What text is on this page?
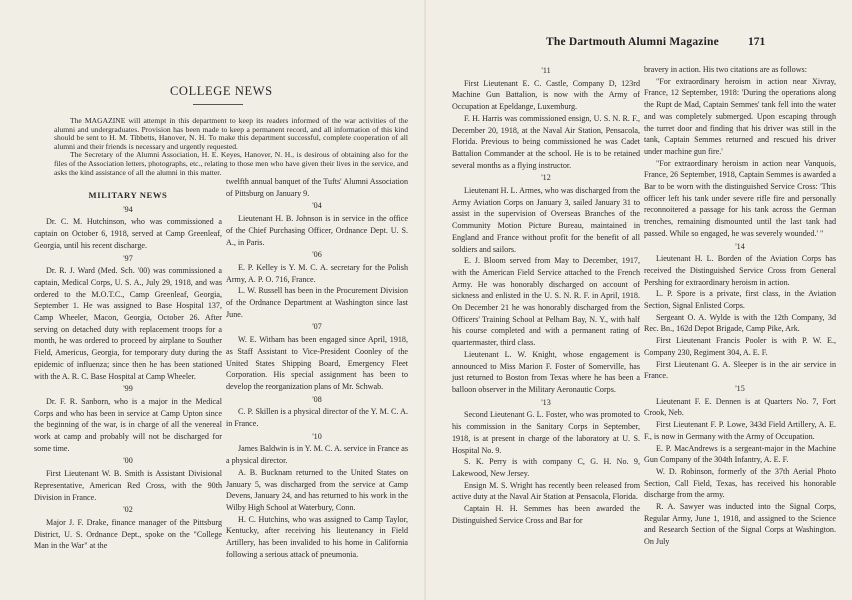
COLLEGE NEWS

The MAGAZINE will attempt in this department to keep its readers informed of the war activities of the alumni and undergraduates. Provision has been made to keep a permanent record, and all information of this kind should be sent to H. M. Tibbetts, Hanover, N. H. To make this department successful, complete cooperation of all alumni and their friends is necessary and urgently requested.

The Secretary of the Alumni Association, H. E. Keyes, Hanover, N. H., is desirous of obtaining also for the files of the Association letters, photographs, etc., relating to those men who have given their lives in the service, and asks the kind assistance of all the alumni in this matter.

MILITARY NEWS
'94

Dr. C. M. Hutchinson, who was commissioned a captain on October 6, 1918, served at Camp Greenleaf, Georgia, until his recent discharge.

'97

Dr. R. J. Ward (Med. Sch. '00) was commissioned a captain, Medical Corps, U. S. A., July 29, 1918, and was ordered to the M.O.T.C., Camp Greenleaf, Georgia, September 1. He was assigned to Base Hospital 137, Camp Wheeler, Macon, Georgia, October 26. After serving on detached duty with replacement troops for a month, he was ordered to proceed by airplane to Souther Field, Americus, Georgia, for temporary duty during the epidemic of influenza; since then he has been stationed with the A. R. C. Base Hospital at Camp Wheeler.

'99

Dr. F. R. Sanborn, who is a major in the Medical Corps and who has been in service at Camp Upton since the beginning of the war, is in charge of all the venereal work at camp and probably will not be discharged for some time.

'00

First Lieutenant W. B. Smith is Assistant Divisional Representative, American Red Cross, with the 90th Division in France.

'02

Major J. F. Drake, finance manager of the Pittsburg District, U. S. Ordnance Dept., spoke on the "College Man in the War" at the

twelfth annual banquet of the Tufts' Alumni Association of Pittsburg on January 9.

'04

Lieutenant H. B. Johnson is in service in the office of the Chief Purchasing Officer, Ordnance Dept. U. S. A., in Paris.

'06

E. P. Kelley is Y. M. C. A. secretary for the Polish Army, A. P. O. 716, France.

L. W. Russell has been in the Procurement Division of the Ordnance Department at Washington since last June.

'07

W. E. Witham has been engaged since April, 1918, as Staff Assistant to Vice-President Coonley of the United States Shipping Board, Emergency Fleet Corporation. His special assignment has been to develop the reorganization plans of Mr. Schwab.

'08

C. P. Skillen is a physical director of the Y. M. C. A. in France.

'10

James Baldwin is in Y. M. C. A. service in France as a physical director.

A. B. Bucknam returned to the United States on January 5, was discharged from the service at Camp Devens, January 24, and has returned to his work in the Wilby High School at Waterbury, Conn.

H. C. Hutchins, who was assigned to Camp Taylor, Kentucky, after receiving his lieutenancy in Field Artillery, has been invalided to his home in California following a serious attack of pneumonia.

The Dartmouth Alumni Magazine	171
'11

First Lieutenant E. C. Castle, Company D, 123rd Machine Gun Battalion, is now with the Army of Occupation at Epeldange, Luxemburg.

F. H. Harris was commissioned ensign, U. S. N. R. F., December 20, 1918, at the Naval Air Station, Pensacola, Florida. Previous to being commissioned he was Cadet Battalion Commander at the school. He is to be retained several months as a flying instructor.

'12

Lieutenant H. L. Armes, who was discharged from the Army Aviation Corps on January 3, sailed January 31 to assist in the supervision of Overseas Branches of the Community Motion Picture Bureau, maintained in England and France without profit for the benefit of all soldiers and sailors.

E. J. Bloom served from May to December, 1917, with the American Field Service attached to the French Army. He was honorably discharged on account of sickness and enlisted in the U. S. N. R. F. in April, 1918. On December 21 he was honorably discharged from the Officers' Training School at Pelham Bay, N. Y., with half his course completed and with a permanent rating of quartermaster, third class.

Lieutenant L. W. Knight, whose engagement is announced to Miss Marion F. Foster of Somerville, has just returned to Boston from Texas where he has been a balloon observer in the Military Aeronautic Corps.

'13

Second Lieutenant G. L. Foster, who was promoted to his commission in the Sanitary Corps in September, 1918, is at present in charge of the laboratory at U. S. Hospital No. 9.

S. K. Perry is with company C, G. H. No. 9, Lakewood, New Jersey.

Ensign M. S. Wright has recently been released from active duty at the Naval Air Station at Pensacola, Florida.

Captain H. H. Semmes has been awarded the Distinguished Service Cross and Bar for

bravery in action. His two citations are as follows:

"For extraordinary heroism in action near Xivray, France, 12 September, 1918: 'During the operations along the Rupt de Mad, Captain Semmes' tank fell into the water and was completely submerged. Upon escaping through the turret door and finding that his driver was still in the tank, Captain Semmes returned and rescued his driver under machine gun fire.'

"For extraordinary heroism in action near Vanquois, France, 26 September, 1918, Captain Semmes is awarded a Bar to be worn with the distinguished Service Cross: 'This officer left his tank under severe rifle fire and personally reconnoitered a passage for his tank across the German trenches, remaining dismounted until the last tank had passed. While so engaged, he was severely wounded.' "

'14

Lieutenant H. L. Borden of the Aviation Corps has received the Distinguished Service Cross from General Pershing for extraordinary heroism in action.

L. P. Spore is a private, first class, in the Aviation Section, Signal Enlisted Corps.

Sergeant O. A. Wylde is with the 12th Company, 3d Rec. Bn., 162d Depot Brigade, Camp Pike, Ark.

First Lieutenant Francis Pooler is with P. W. E., Company 230, Regiment 304, A. E. F.

First Lieutenant G. A. Sleeper is in the air service in France.

'15

Lieutenant F. E. Dennen is at Quarters No. 7, Fort Crook, Neb.

First Lieutenant F. P. Lowe, 343d Field Artillery, A. E. F., is now in Germany with the Army of Occupation.

E. P. MacAndrews is a sergeant-major in the Machine Gun Company of the 304th Infantry, A. E. F.

W. D. Robinson, formerly of the 37th Aerial Photo Section, Call Field, Texas, has received his honorable discharge from the army.

R. A. Sawyer was inducted into the Signal Corps, Regular Army, June 1, 1918, and assigned to the Science and Research Section of the Signal Corps at Washington. On July
